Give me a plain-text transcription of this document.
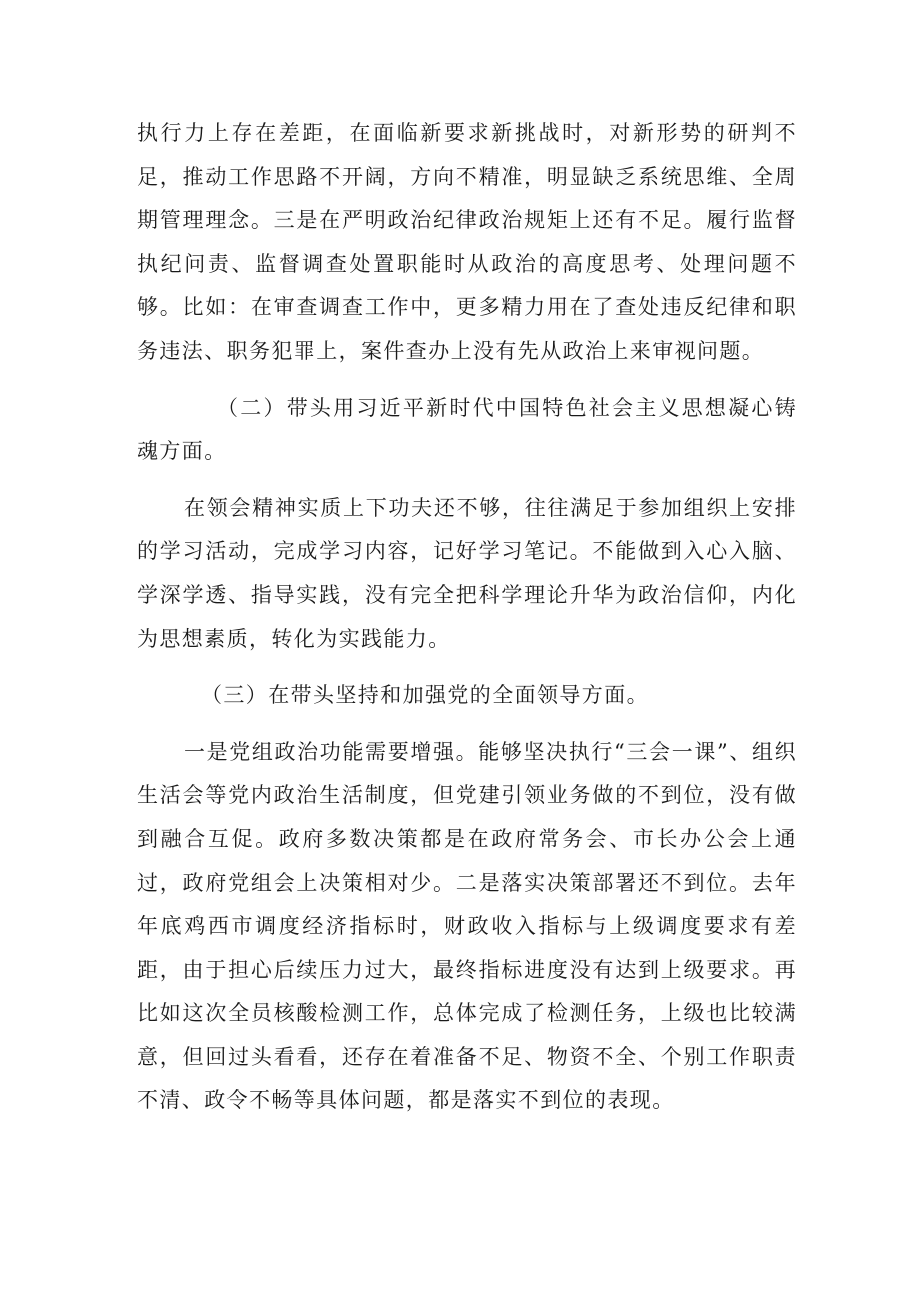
执行力上存在差距，在面临新要求新挑战时，对新形势的研判不足，推动工作思路不开阔，方向不精准，明显缺乏系统思维、全周期管理理念。三是在严明政治纪律政治规矩上还有不足。履行监督执纪问责、监督调查处置职能时从政治的高度思考、处理问题不够。比如：在审查调查工作中，更多精力用在了查处违反纪律和职务违法、职务犯罪上，案件查办上没有先从政治上来审视问题。

（二）带头用习近平新时代中国特色社会主义思想凝心铸魂方面。

在领会精神实质上下功夫还不够，往往满足于参加组织上安排的学习活动，完成学习内容，记好学习笔记。不能做到入心入脑、学深学透、指导实践，没有完全把科学理论升华为政治信仰，内化为思想素质，转化为实践能力。

（三）在带头坚持和加强党的全面领导方面。

一是党组政治功能需要增强。能够坚决执行“三会一课”、组织生活会等党内政治生活制度，但党建引领业务做的不到位，没有做到融合互促。政府多数决策都是在政府常务会、市长办公会上通过，政府党组会上决策相对少。二是落实决策部署还不到位。去年年底鸡西市调度经济指标时，财政收入指标与上级调度要求有差距，由于担心后续压力过大，最终指标进度没有达到上级要求。再比如这次全员核酸检测工作，总体完成了检测任务，上级也比较满意，但回过头看看，还存在着准备不足、物资不全、个别工作职责不清、政令不畅等具体问题，都是落实不到位的表现。
